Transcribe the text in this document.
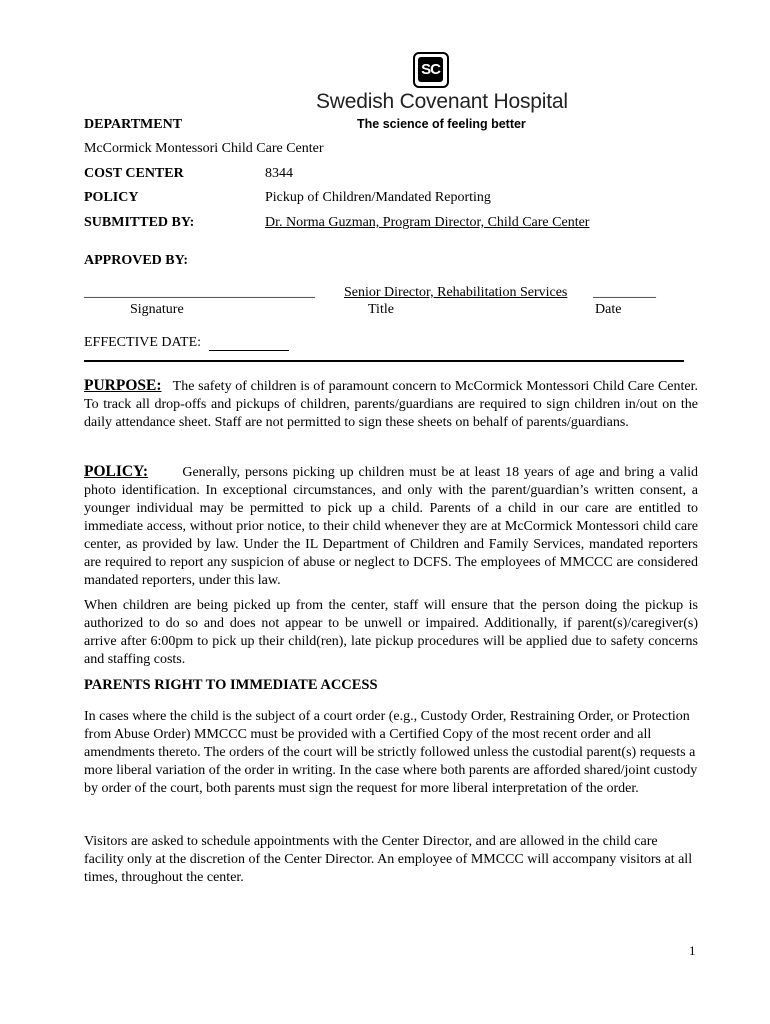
SC
Swedish Covenant Hospital
The science of feeling better
DEPARTMENT
McCormick Montessori Child Care Center
COST CENTER	8344
POLICY	Pickup of Children/Mandated Reporting
SUBMITTED BY:	Dr. Norma Guzman, Program Director, Child Care Center
APPROVED BY:
_________________________________
Signature
Senior Director, Rehabilitation Services
Title
_________
Date
EFFECTIVE DATE:
PURPOSE: The safety of children is of paramount concern to McCormick Montessori Child Care Center. To track all drop-offs and pickups of children, parents/guardians are required to sign children in/out on the daily attendance sheet. Staff are not permitted to sign these sheets on behalf of parents/guardians.
POLICY: Generally, persons picking up children must be at least 18 years of age and bring a valid photo identification. In exceptional circumstances, and only with the parent/guardian’s written consent, a younger individual may be permitted to pick up a child. Parents of a child in our care are entitled to immediate access, without prior notice, to their child whenever they are at McCormick Montessori child care center, as provided by law. Under the IL Department of Children and Family Services, mandated reporters are required to report any suspicion of abuse or neglect to DCFS. The employees of MMCCC are considered mandated reporters, under this law.
When children are being picked up from the center, staff will ensure that the person doing the pickup is authorized to do so and does not appear to be unwell or impaired. Additionally, if parent(s)/caregiver(s) arrive after 6:00pm to pick up their child(ren), late pickup procedures will be applied due to safety concerns and staffing costs.
PARENTS RIGHT TO IMMEDIATE ACCESS
In cases where the child is the subject of a court order (e.g., Custody Order, Restraining Order, or Protection from Abuse Order) MMCCC must be provided with a Certified Copy of the most recent order and all amendments thereto. The orders of the court will be strictly followed unless the custodial parent(s) requests a more liberal variation of the order in writing. In the case where both parents are afforded shared/joint custody by order of the court, both parents must sign the request for more liberal interpretation of the order.
Visitors are asked to schedule appointments with the Center Director, and are allowed in the child care facility only at the discretion of the Center Director. An employee of MMCCC will accompany visitors at all times, throughout the center.
1
